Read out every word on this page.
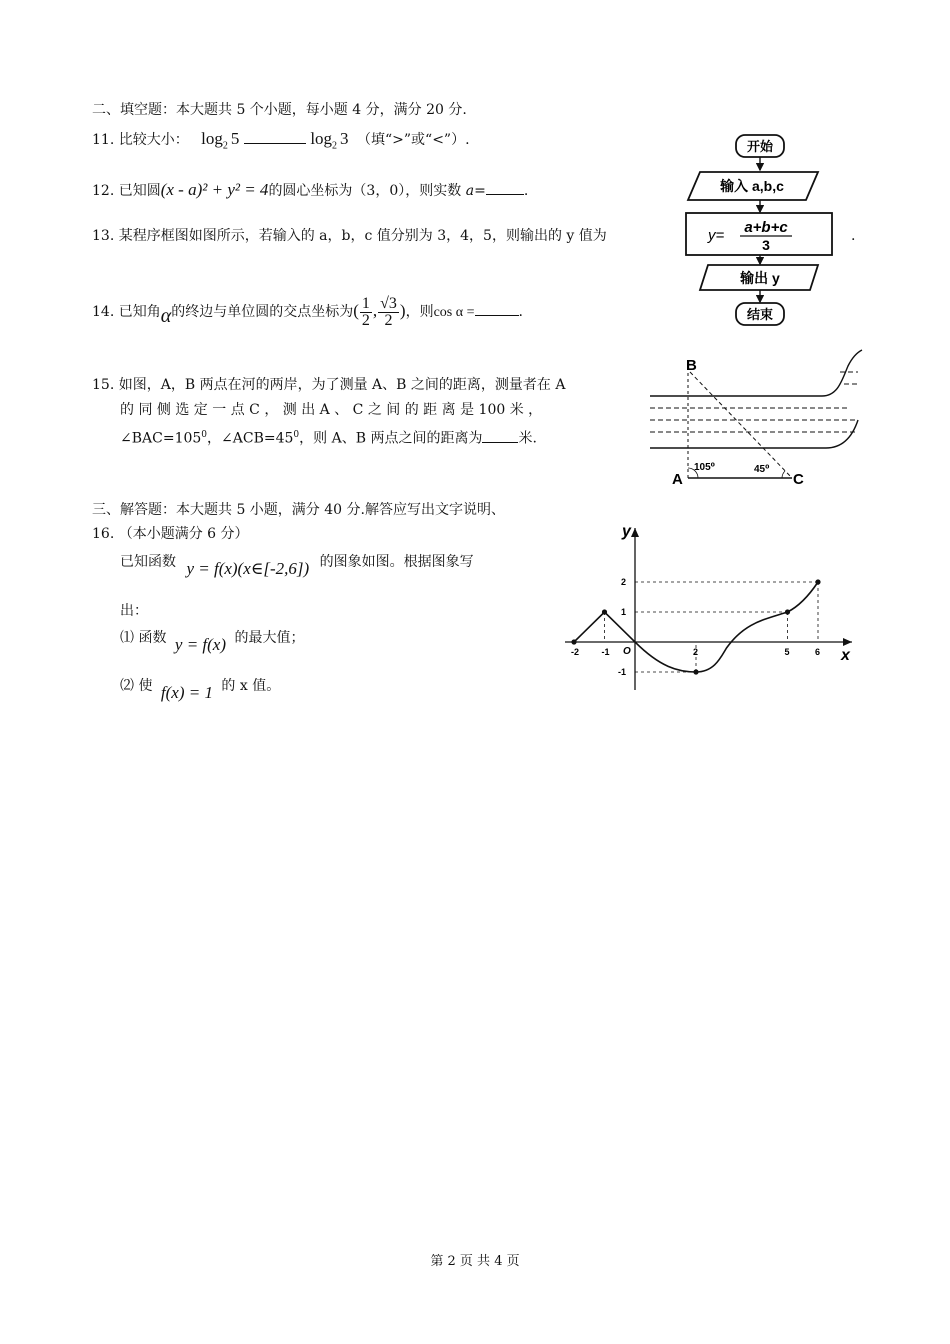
二、填空题：本大题共 5 个小题，每小题 4 分，满分 20 分.
11. 比较大小： $\log_2 5$	$\log_2 3$ （填“>”或“<”）.
12. 已知圆(x - a)² + y² = 4的圆心坐标为（3，0），则实数 a=	.
13. 某程序框图如图所示，若输入的 a，b，c 值分别为 3，4，5，则输出的 y 值为	.
14. 已知角α的终边与单位圆的交点坐标为( $\frac{1}{2}$ , $\frac{√3}{2}$ )，则cos α =	.
15. 如图，A，B 两点在河的两岸，为了测量 A、B 之间的距离，测量者在 A
的 同 侧 选 定 一 点 C ， 测 出 A 、 C 之 间 的 距 离 是 100 米 ，
$\angle BAC=105^0$，$\angle ACB=45^0$，则 A、B 两点之间的距离为	米.
三、解答题：本大题共 5 小题，满分 40 分.解答应写出文字说明、
16. （本小题满分 6 分）
已知函数 y = f(x)(x∈[-2,6]) 的图象如图。根据图象写
出：
⑴ 函数 y = f(x) 的最大值；
⑵ 使 f(x) = 1 的 x 值。
开始
输入 a,b,c
y= a+b+c
3
输出 y
结束
B
A	C
105⁰	45⁰
x
y
O
-2 -1	2	5	6
2
1
-1
第 2 页 共 4 页
